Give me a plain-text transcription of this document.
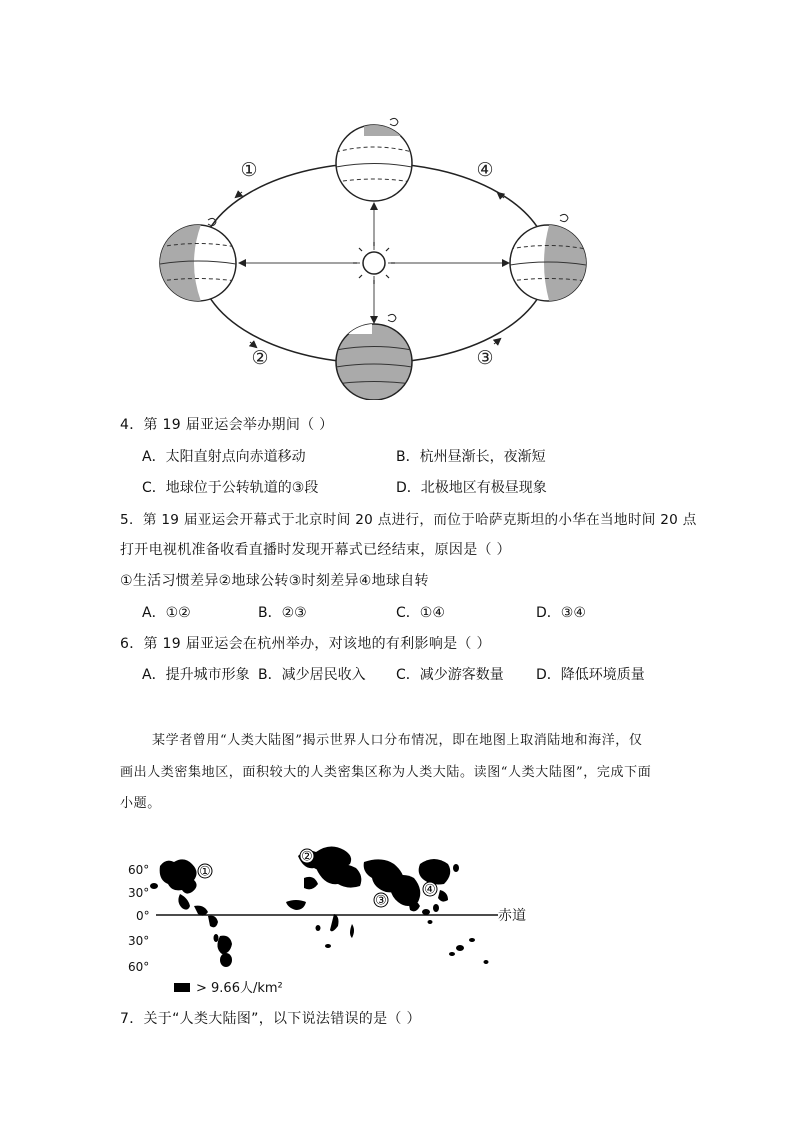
①
②	③
④
4．第 19 届亚运会举办期间（ ）
A．太阳直射点向赤道移动	B．杭州昼渐长，夜渐短
C．地球位于公转轨道的③段	D．北极地区有极昼现象
5．第 19 届亚运会开幕式于北京时间 20 点进行，而位于哈萨克斯坦的小华在当地时间 20 点
打开电视机准备收看直播时发现开幕式已经结束，原因是（ ）
①生活习惯差异②地球公转③时刻差异④地球自转
A．①②	B．②③	C．①④	D．③④
6．第 19 届亚运会在杭州举办，对该地的有利影响是（ ）
A．提升城市形象 B．减少居民收入 C．减少游客数量 D．降低环境质量
某学者曾用“人类大陆图”揭示世界人口分布情况，即在地图上取消陆地和海洋，仅
画出人类密集地区，面积较大的人类密集区称为人类大陆。读图“人类大陆图”，完成下面
小题。
60°
30°
0°
30°
60°
赤道
①
②
③
④
> 9.66人/km²
7．关于“人类大陆图”，以下说法错误的是（ ）
